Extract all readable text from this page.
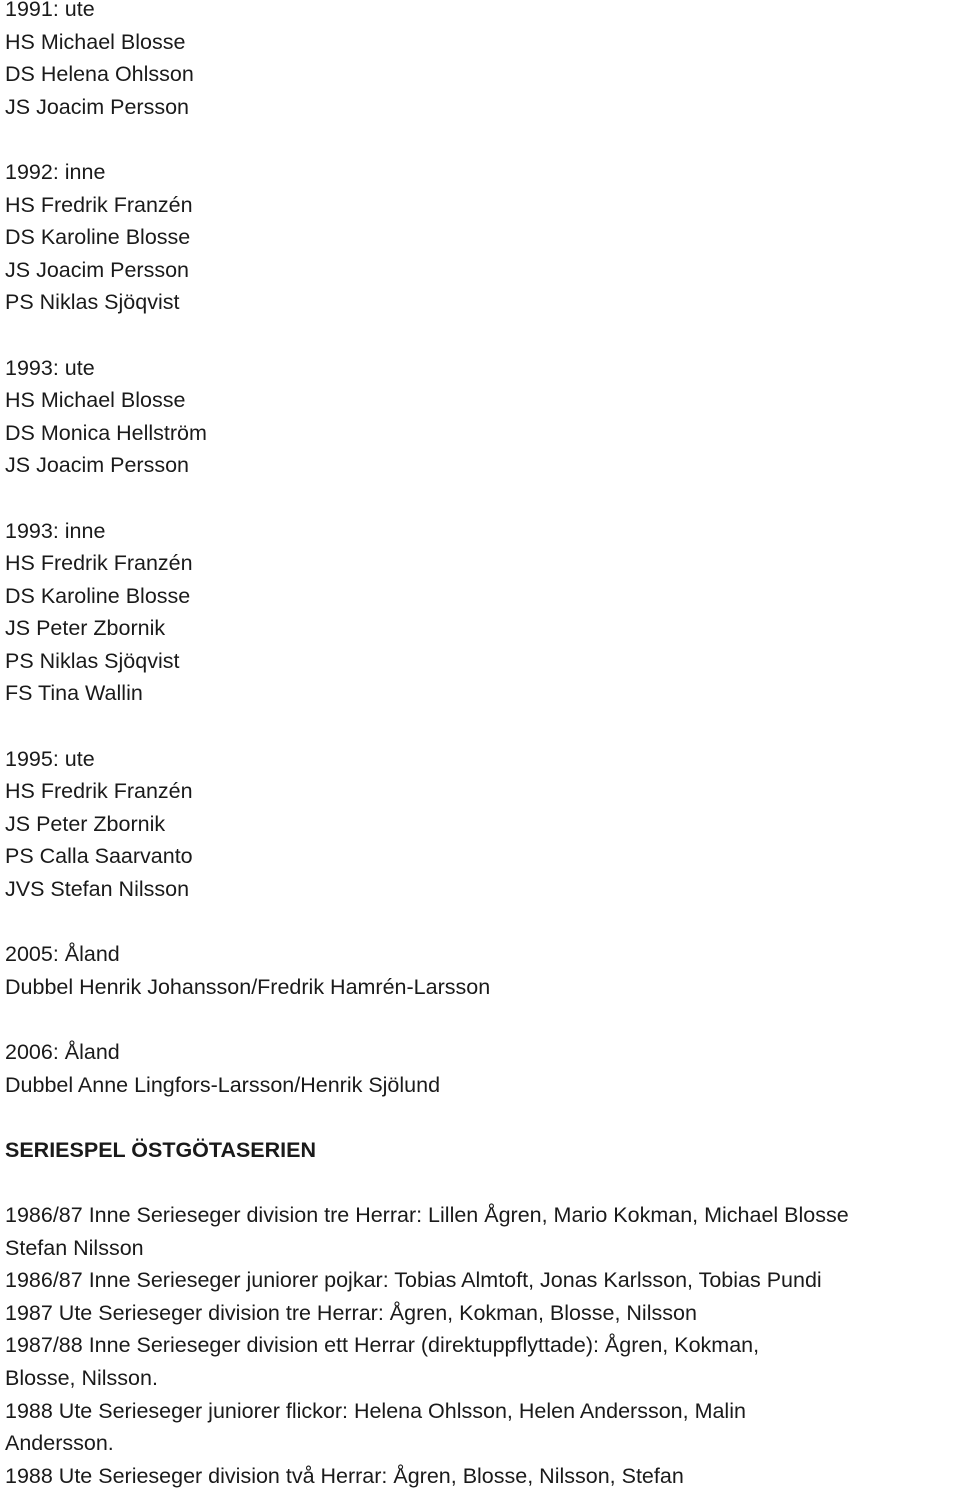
1991: ute
HS Michael Blosse
DS Helena Ohlsson
JS Joacim Persson
1992: inne
HS Fredrik Franzén
DS Karoline Blosse
JS Joacim Persson
PS Niklas Sjöqvist
1993: ute
HS Michael Blosse
DS Monica Hellström
JS Joacim Persson
1993: inne
HS Fredrik Franzén
DS Karoline Blosse
JS Peter Zbornik
PS Niklas Sjöqvist
FS Tina Wallin
1995: ute
HS Fredrik Franzén
JS Peter Zbornik
PS Calla Saarvanto
JVS Stefan Nilsson
2005: Åland
Dubbel Henrik Johansson/Fredrik Hamrén-Larsson
2006: Åland
Dubbel Anne Lingfors-Larsson/Henrik Sjölund
SERIESPEL ÖSTGÖTASERIEN
1986/87 Inne Serieseger division tre Herrar: Lillen Ågren, Mario Kokman, Michael Blosse
Stefan Nilsson
1986/87 Inne Serieseger juniorer pojkar: Tobias Almtoft, Jonas Karlsson, Tobias Pundi
1987 Ute Serieseger division tre Herrar: Ågren, Kokman, Blosse, Nilsson
1987/88 Inne Serieseger division ett Herrar (direktuppflyttade): Ågren, Kokman,
Blosse, Nilsson.
1988 Ute Serieseger juniorer flickor: Helena Ohlsson, Helen Andersson, Malin
Andersson.
1988 Ute Serieseger division två Herrar: Ågren, Blosse, Nilsson, Stefan
